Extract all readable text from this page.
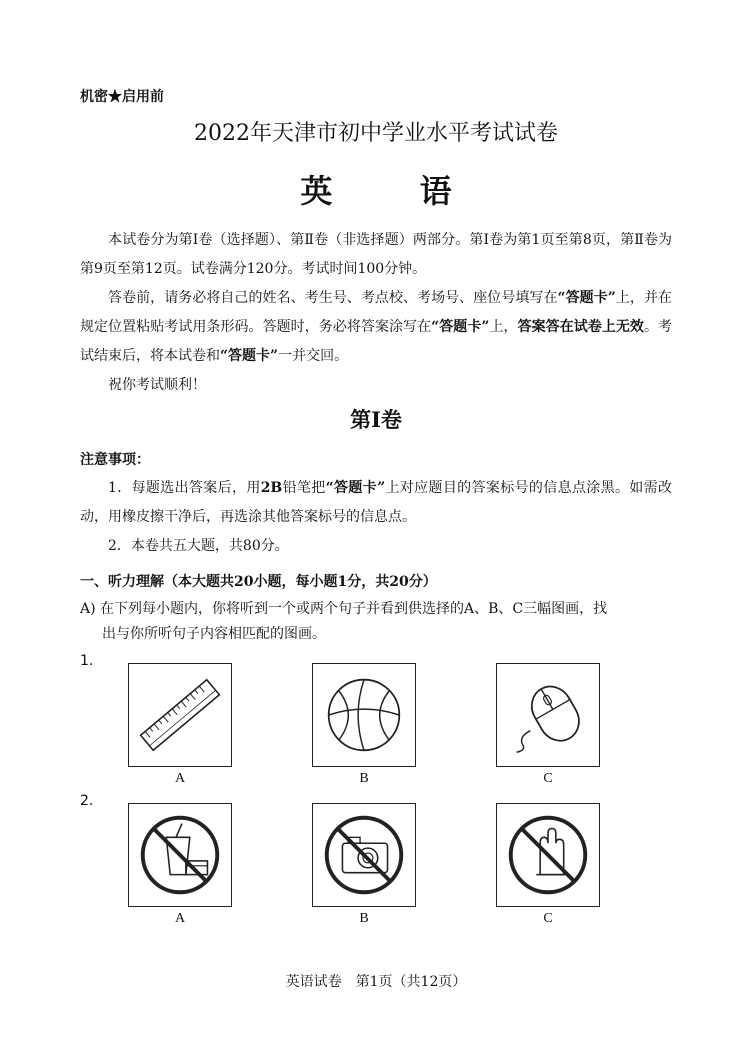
机密★启用前
2022年天津市初中学业水平考试试卷
英 语

本试卷分为第Ⅰ卷（选择题）、第Ⅱ卷（非选择题）两部分。第Ⅰ卷为第1页至第8页，第Ⅱ卷为第9页至第12页。试卷满分120分。考试时间100分钟。

答卷前，请务必将自己的姓名、考生号、考点校、考场号、座位号填写在“答题卡”上，并在规定位置粘贴考试用条形码。答题时，务必将答案涂写在“答题卡”上，答案答在试卷上无效。考试结束后，将本试卷和“答题卡”一并交回。

祝你考试顺利！

第Ⅰ卷
注意事项：

1．每题选出答案后，用2B铅笔把“答题卡”上对应题目的答案标号的信息点涂黑。如需改动，用橡皮擦干净后，再选涂其他答案标号的信息点。

2．本卷共五大题，共80分。

一、听力理解（本大题共20小题，每小题1分，共20分）
A) 在下列每小题内，你将听到一个或两个句子并看到供选择的A、B、C三幅图画，找
出与你所听句子内容相匹配的图画。
1.
A	B	C
2.
A	B	C
英语试卷　第1页（共12页）
